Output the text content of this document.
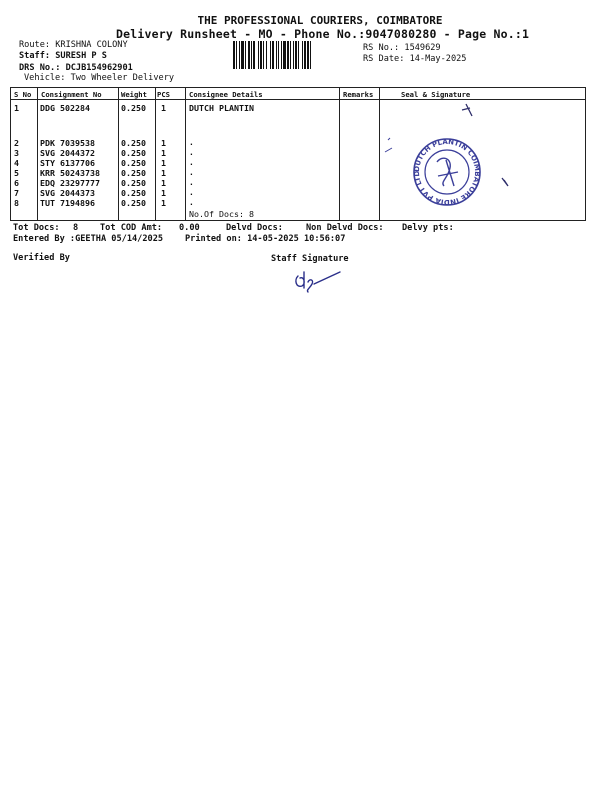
THE PROFESSIONAL COURIERS, COIMBATORE
Delivery Runsheet - MO - Phone No.:9047080280 - Page No.:1
Route: KRISHNA COLONY
Staff: SURESH P S
DRS No.: DCJB154962901
Vehicle: Two Wheeler Delivery
RS No.: 1549629
RS Date: 14-May-2025
S No Consignment No	Weight PCS	Consignee Details	Remarks	Seal & Signature
1	DDG 502284	0.250 1	DUTCH PLANTIN
2	PDK 7039538	0.250 1	.
3	SVG 2044372	0.250 1	.
4	STY 6137706	0.250 1	.
5	KRR 50243738	0.250 1	.
6	EDQ 23297777	0.250 1	.
7	SVG 2044373	0.250 1	.
8	TUT 7194896	0.250 1	.
No.Of Docs: 8
DUTCH PLANTIN COIMBATORE INDIA PVT LTD
Tot Docs: 8	Tot COD Amt: 0.00	Delvd Docs:	Non Delvd Docs: Delvy pts:
Entered By :GEETHA 05/14/2025	Printed on: 14-05-2025 10:56:07
Verified By	Staff Signature
